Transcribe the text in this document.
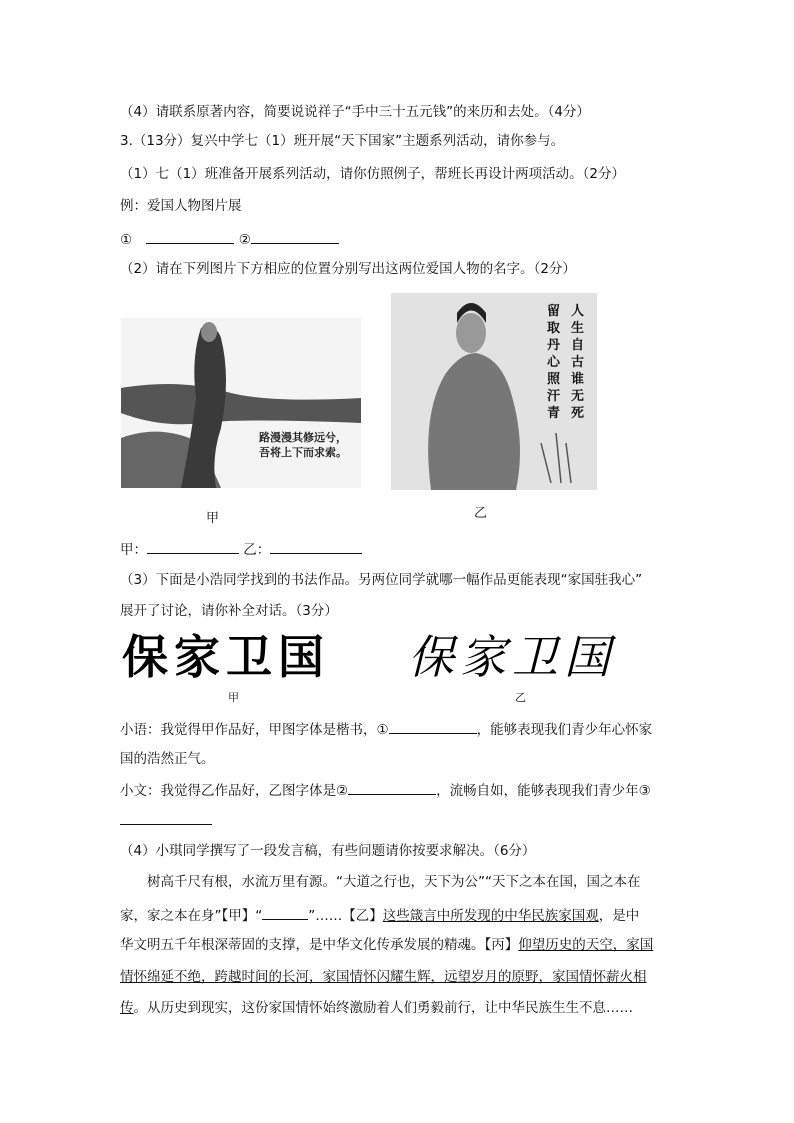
（4）请联系原著内容，简要说说祥子“手中三十五元钱”的来历和去处。（4分）
3.（13分）复兴中学七（1）班开展“天下国家”主题系列活动，请你参与。
（1）七（1）班准备开展系列活动，请你仿照例子，帮班长再设计两项活动。（2分）
例：爱国人物图片展
①	②
（2）请在下列图片下方相应的位置分别写出这两位爱国人物的名字。（2分）
路漫漫其修远兮，
吾将上下而求索。
人生自古谁无死
留取丹心照汗青
甲	乙
甲：	乙：
（3）下面是小浩同学找到的书法作品。另两位同学就哪一幅作品更能表现“家国驻我心”
展开了讨论，请你补全对话。（3分）
保家卫国 保家卫国
甲	乙
小语：我觉得甲作品好，甲图字体是楷书，①	，能够表现我们青少年心怀家
国的浩然正气。
小文：我觉得乙作品好，乙图字体是②	，流畅自如，能够表现我们青少年③
（4）小琪同学撰写了一段发言稿，有些问题请你按要求解决。（6分）
树高千尺有根，水流万里有源。“大道之行也，天下为公”“天下之本在国，国之本在
家，家之本在身”【甲】“	”……【乙】这些箴言中所发现的中华民族家国观，是中
华文明五千年根深蒂固的支撑，是中华文化传承发展的精魂。【丙】仰望历史的天空，家国
情怀绵延不绝，跨越时间的长河，家国情怀闪耀生辉，远望岁月的原野，家国情怀薪火相
传。从历史到现实，这份家国情怀始终激励着人们勇毅前行，让中华民族生生不息……
